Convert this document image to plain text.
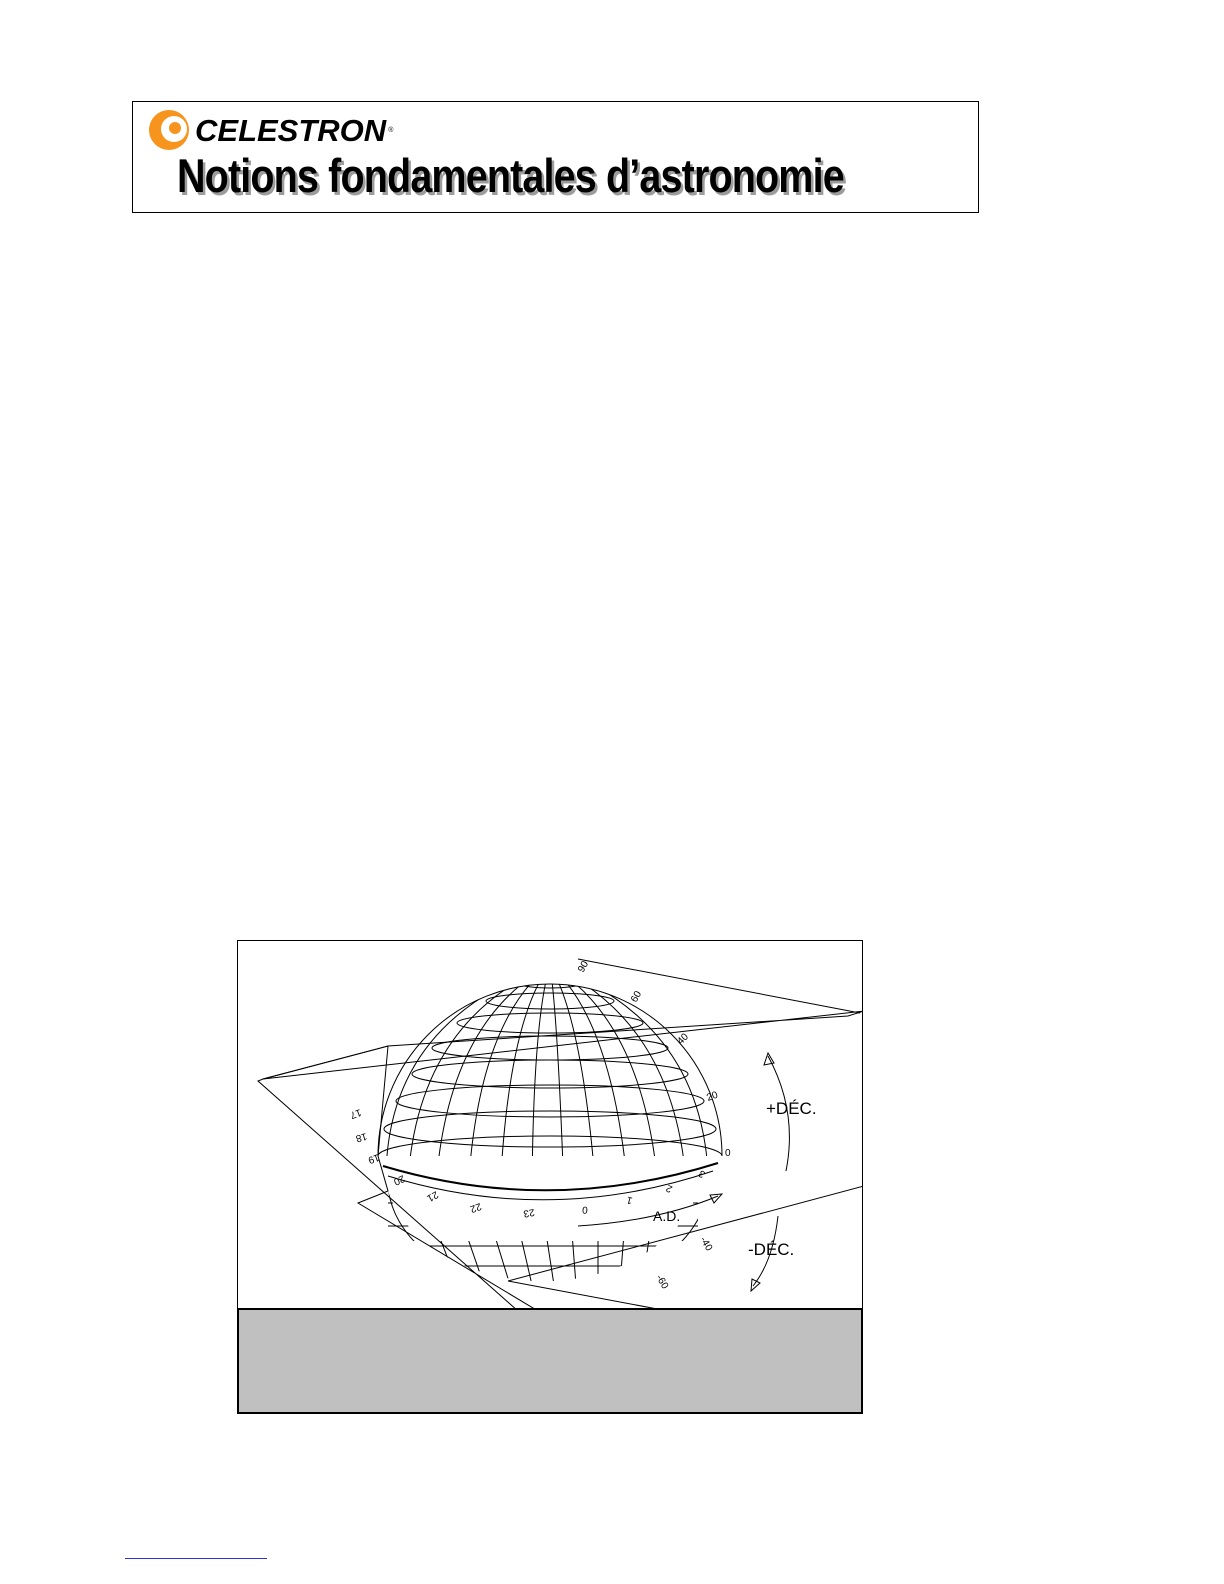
CELESTRON ®
Notions fondamentales d’astronomie
+DÉC.
-DÉC.
A.D.
90
60
40
20
0
-40
-60
17
18
19
20
21
22	23	0
1
2
3
